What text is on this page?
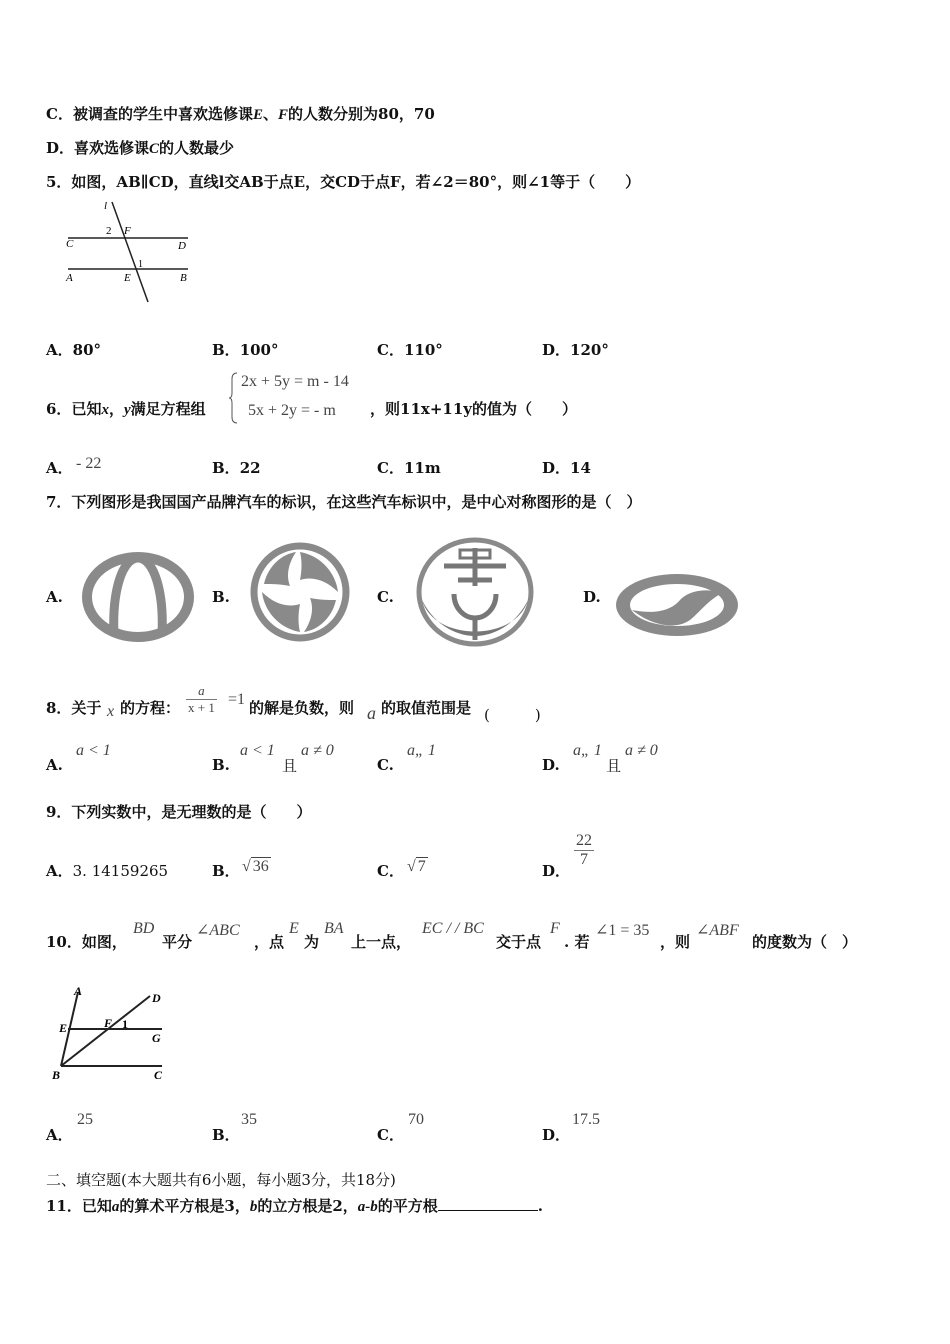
C．被调查的学生中喜欢选修课E、F的人数分别为80，70
D．喜欢选修课C的人数最少
5．如图，AB∥CD，直线l交AB于点E，交CD于点F，若∠2＝80°，则∠1等于（　　）
l
2 F
C	D
1
A	E	B
A．80°	B．100°	C．110°	D．120°
6．已知x，y满足方程组
2x + 5y = m - 14
5x + 2y = - m ，则11x+11y的值为（　　）
A． - 22	B．22	C．11m	D．14
7．下列图形是我国国产品牌汽车的标识，在这些汽车标识中，是中心对称图形的是（　）
A.	B.	C.	D.
8．关于 x 的方程： $\frac{a}{x + 1} =1$ 的解是负数，则 a 的取值范围是 (　　　)
A.
a < 1
B.
a < 1
且
a ≠ 0
C.
a„ 1
D.
a„ 1
且
a ≠ 0
9．下列实数中，是无理数的是（　　）
A．3. 14159265	B． √ 36	C． √ 7	D．
$\frac{22}{7}$
10．如图，
BD
平分
∠ABC
，点
E
为
BA
上一点，
EC / / BC
交于点
F
. 若
∠1 = 35
，则
∠ABF
的度数为（　）
A	D
E	F 1
G
B	C
A．
25
B．
35
C．
70
D．
17.5
二、填空题(本大题共有6小题，每小题3分，共18分)
11．已知a的算术平方根是3，b的立方根是2，a-b的平方根	.
